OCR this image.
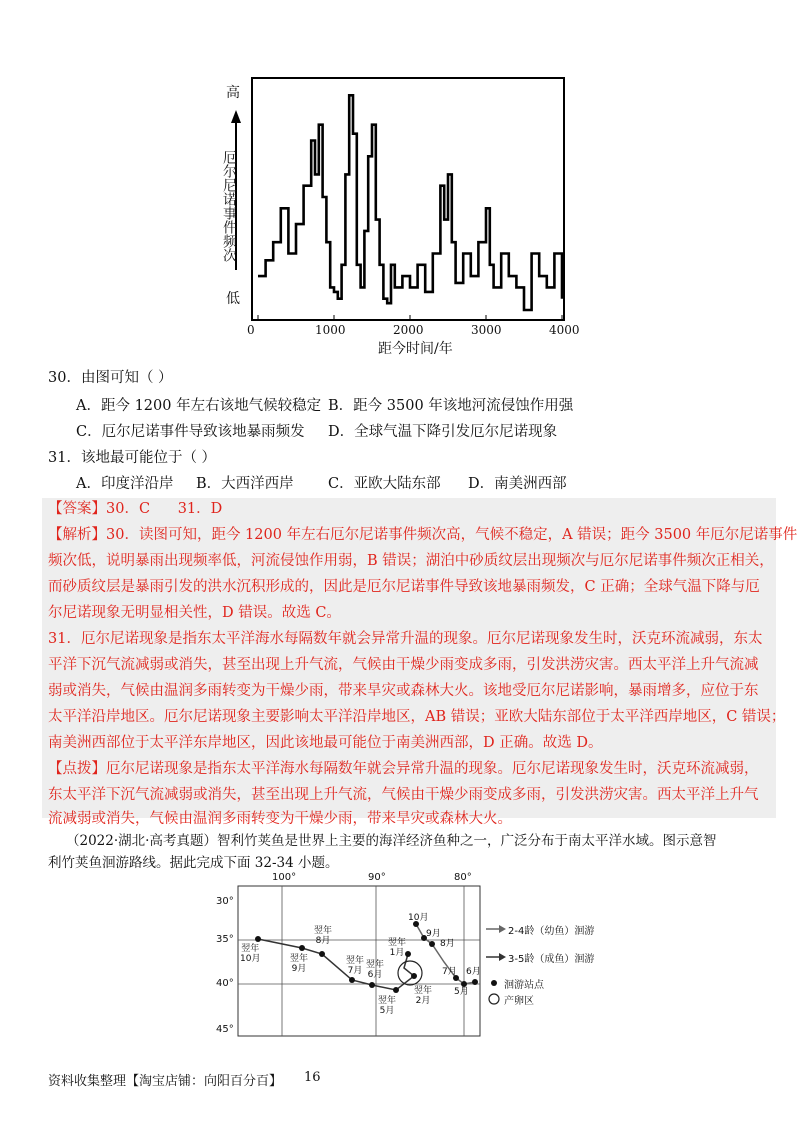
高
低
厄尔尼诺事件频次
0	1000	2000	3000	4000
距今时间/年
30．由图可知（ ）
A．距今 1200 年左右该地气候较稳定 B．距今 3500 年该地河流侵蚀作用强
C．厄尔尼诺事件导致该地暴雨频发 D．全球气温下降引发厄尔尼诺现象
31．该地最可能位于（ ）
A．印度洋沿岸 B．大西洋西岸 C．亚欧大陆东部 D．南美洲西部
【答案】30．C      31．D
【解析】30．读图可知，距今 1200 年左右厄尔尼诺事件频次高，气候不稳定，A 错误；距今 3500 年厄尔尼诺事件
频次低，说明暴雨出现频率低，河流侵蚀作用弱，B 错误；湖泊中砂质纹层出现频次与厄尔尼诺事件频次正相关，
而砂质纹层是暴雨引发的洪水沉积形成的，因此是厄尔尼诺事件导致该地暴雨频发，C 正确；全球气温下降与厄
尔尼诺现象无明显相关性，D 错误。故选 C。
31．厄尔尼诺现象是指东太平洋海水每隔数年就会异常升温的现象。厄尔尼诺现象发生时，沃克环流减弱，东太
平洋下沉气流减弱或消失，甚至出现上升气流，气候由干燥少雨变成多雨，引发洪涝灾害。西太平洋上升气流减
弱或消失，气候由温润多雨转变为干燥少雨，带来旱灾或森林大火。该地受厄尔尼诺影响，暴雨增多，应位于东
太平洋沿岸地区。厄尔尼诺现象主要影响太平洋沿岸地区，AB 错误；亚欧大陆东部位于太平洋西岸地区，C 错误；
南美洲西部位于太平洋东岸地区，因此该地最可能位于南美洲西部，D 正确。故选 D。
【点拨】厄尔尼诺现象是指东太平洋海水每隔数年就会异常升温的现象。厄尔尼诺现象发生时，沃克环流减弱，
东太平洋下沉气流减弱或消失，甚至出现上升气流，气候由干燥少雨变成多雨，引发洪涝灾害。西太平洋上升气
流减弱或消失，气候由温润多雨转变为干燥少雨，带来旱灾或森林大火。
（2022·湖北·高考真题）智利竹荚鱼是世界上主要的海洋经济鱼种之一，广泛分布于南太平洋水域。图示意智
利竹荚鱼洄游路线。据此完成下面 32-34 小题。
100°	90°	80°
30°
35°
40°
45°
翌年
10月	翌年
9月
翌年
8月
翌年
7月
翌年
6月
翌年
5月
翌年
2月
翌年
1月
10月
9月
8月
7月 6月
5月
2-4龄（幼鱼）洄游
3-5龄（成鱼）洄游
洄游站点
产卵区
资料收集整理【淘宝店铺：向阳百分百】 16
